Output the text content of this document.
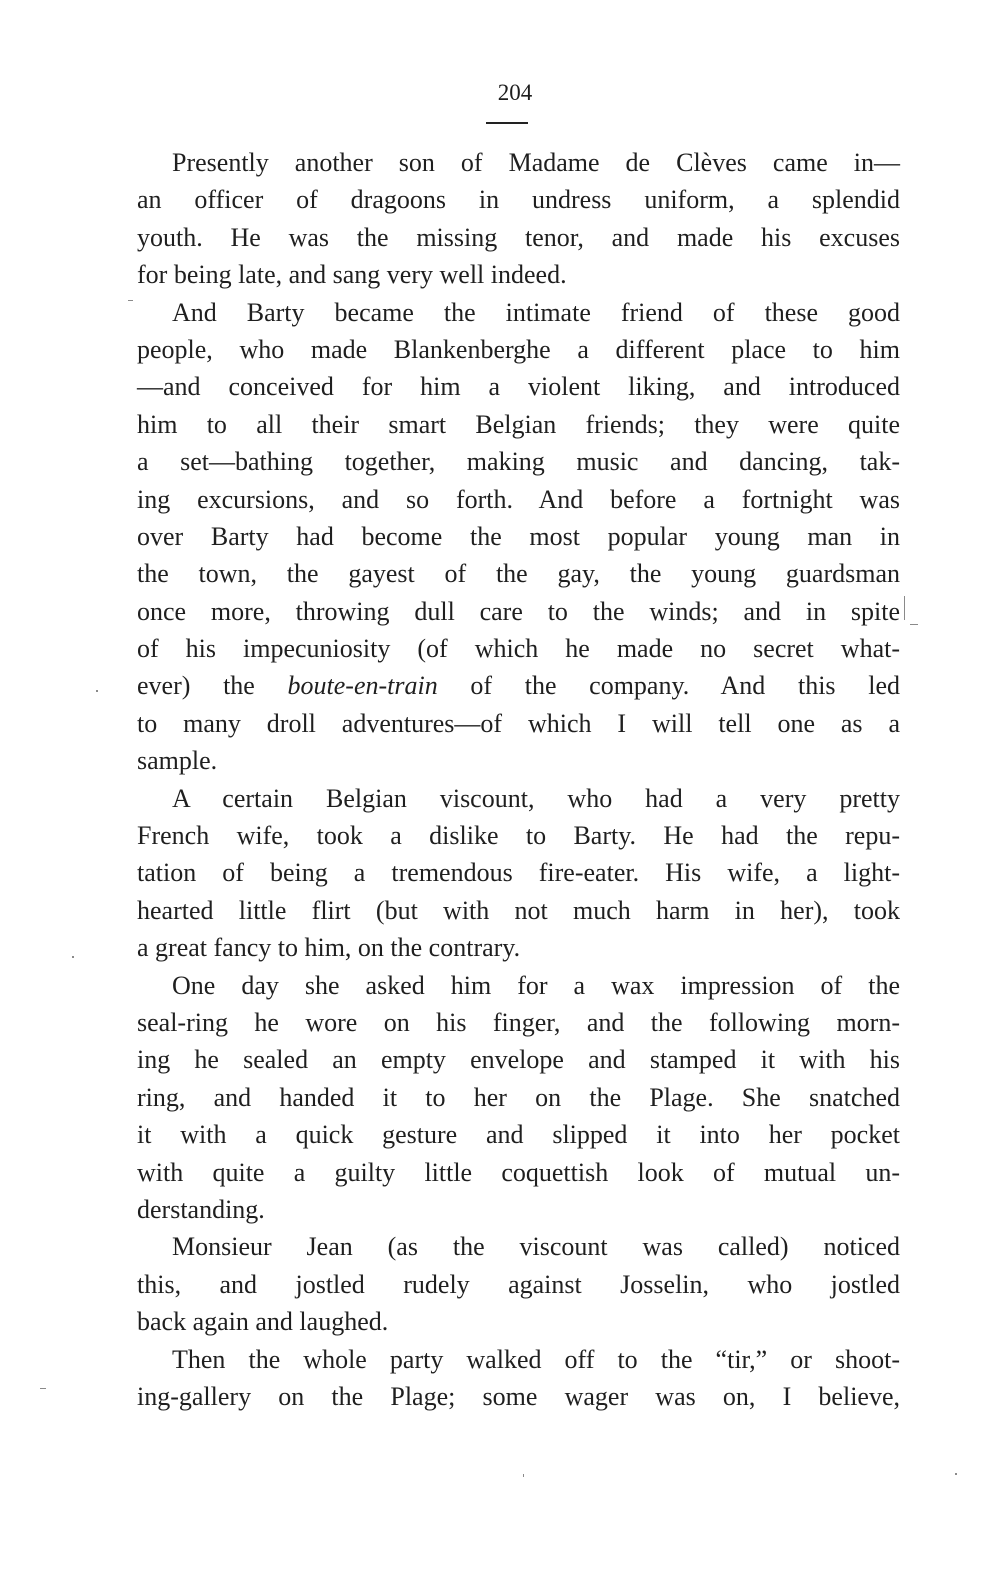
204
Presently another son of Madame de Clèves came in—
an officer of dragoons in undress uniform, a splendid
youth. He was the missing tenor, and made his excuses
for being late, and sang very well indeed.
And Barty became the intimate friend of these good
people, who made Blankenberghe a different place to him
—and conceived for him a violent liking, and introduced
him to all their smart Belgian friends; they were quite
a set—bathing together, making music and dancing, tak-
ing excursions, and so forth. And before a fortnight was
over Barty had become the most popular young man in
the town, the gayest of the gay, the young guardsman
once more, throwing dull care to the winds; and in spite
of his impecuniosity (of which he made no secret what-
ever) the boute-en-train of the company. And this led
to many droll adventures—of which I will tell one as a
sample.
A certain Belgian viscount, who had a very pretty
French wife, took a dislike to Barty. He had the repu-
tation of being a tremendous fire-eater. His wife, a light-
hearted little flirt (but with not much harm in her), took
a great fancy to him, on the contrary.
One day she asked him for a wax impression of the
seal-ring he wore on his finger, and the following morn-
ing he sealed an empty envelope and stamped it with his
ring, and handed it to her on the Plage. She snatched
it with a quick gesture and slipped it into her pocket
with quite a guilty little coquettish look of mutual un-
derstanding.
Monsieur Jean (as the viscount was called) noticed
this, and jostled rudely against Josselin, who jostled
back again and laughed.
Then the whole party walked off to the “tir,” or shoot-
ing-gallery on the Plage; some wager was on, I believe,
